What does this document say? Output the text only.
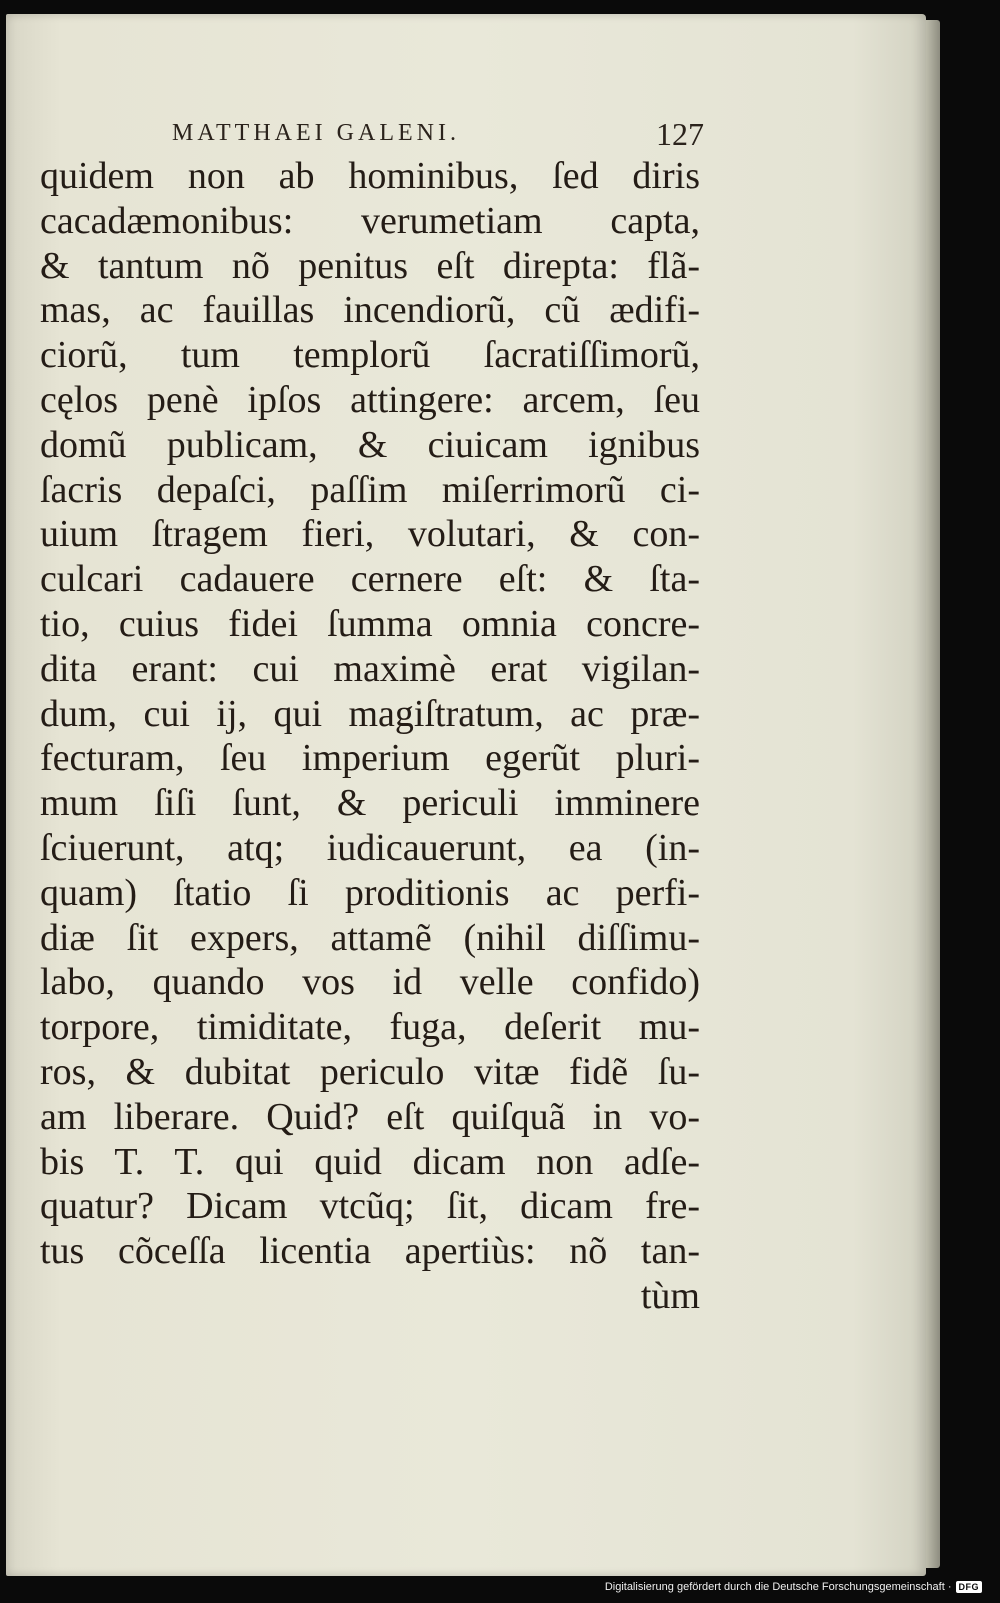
MATTHAEI GALENI.	127
quidem non ab hominibus, ſed diris
cacadæmonibus: verumetiam capta,
& tantum nõ penitus eſt direpta: flã-
mas, ac fauillas incendiorũ, cũ ædifi-
ciorũ, tum templorũ ſacratiſſimorũ,
cęlos penè ipſos attingere: arcem, ſeu
domũ publicam, & ciuicam ignibus
ſacris depaſci, paſſim miſerrimorũ ci-
uium ſtragem fieri, volutari, & con-
culcari cadauere cernere eſt: & ſta-
tio, cuius fidei ſumma omnia concre-
dita erant: cui maximè erat vigilan-
dum, cui ij, qui magiſtratum, ac præ-
fecturam, ſeu imperium egerũt pluri-
mum ſiſi ſunt, & periculi imminere
ſciuerunt, atq; iudicauerunt, ea (in-
quam) ſtatio ſi proditionis ac perfi-
diæ ſit expers, attamẽ (nihil diſſimu-
labo, quando vos id velle confido)
torpore, timiditate, fuga, deſerit mu-
ros, & dubitat periculo vitæ fidẽ ſu-
am liberare. Quid? eſt quiſquã in vo-
bis T. T. qui quid dicam non adſe-
quatur? Dicam vtcũq; ſit, dicam fre-
tus cõceſſa licentia apertiùs: nõ tan-
tùm
Digitalisierung gefördert durch die Deutsche Forschungsgemeinschaft · DFG
